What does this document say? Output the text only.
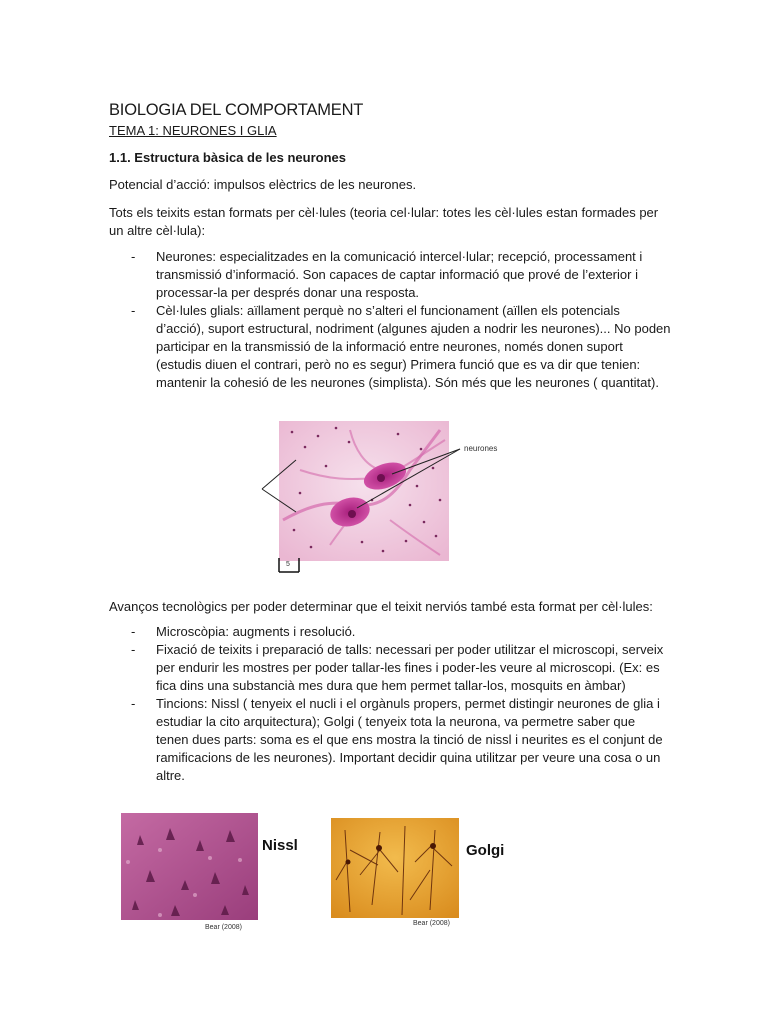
BIOLOGIA DEL COMPORTAMENT
TEMA 1: NEURONES I GLIA
1.1. Estructura bàsica de les neurones
Potencial d’acció: impulsos elèctrics de les neurones.
Tots els teixits estan formats per cèl·lules (teoria cel·lular: totes les cèl·lules estan formades per un altre cèl·lula):
- Neurones: especialitzades en la comunicació intercel·lular; recepció, processament i transmissió d’informació. Son capaces de captar informació que prové de l’exterior i processar-la per després donar una resposta.
- Cèl·lules glials: aïllament perquè no s’alteri el funcionament (aïllen els potencials d’acció), suport estructural, nodriment (algunes ajuden a nodrir les neurones)... No poden participar en la transmissió de la informació entre neurones, només donen suport (estudis diuen el contrari, però no es segur) Primera funció que es va dir que tenien: mantenir la cohesió de les neurones (simplista). Són més que les neurones ( quantitat).
neurones
5
Avanços tecnològics per poder determinar que el teixit nerviós també esta format per cèl·lules:
- Microscòpia: augments i resolució.
- Fixació de teixits i preparació de talls: necessari per poder utilitzar el microscopi, serveix per endurir les mostres per poder tallar-les fines i poder-les veure al microscopi. (Ex: es fica dins una substancià mes dura que hem permet tallar-los, mosquits en àmbar)
- Tincions: Nissl ( tenyeix el nucli i el orgànuls propers, permet distingir neurones de glia i estudiar la cito arquitectura); Golgi ( tenyeix tota la neurona, va permetre saber que tenen dues parts: soma es el que ens mostra la tinció de nissl i neurites es el conjunt de ramificacions de les neurones). Important decidir quina utilitzar per veure una cosa o un altre.
Nissl	Golgi
Bear (2008)
Bear (2008)
